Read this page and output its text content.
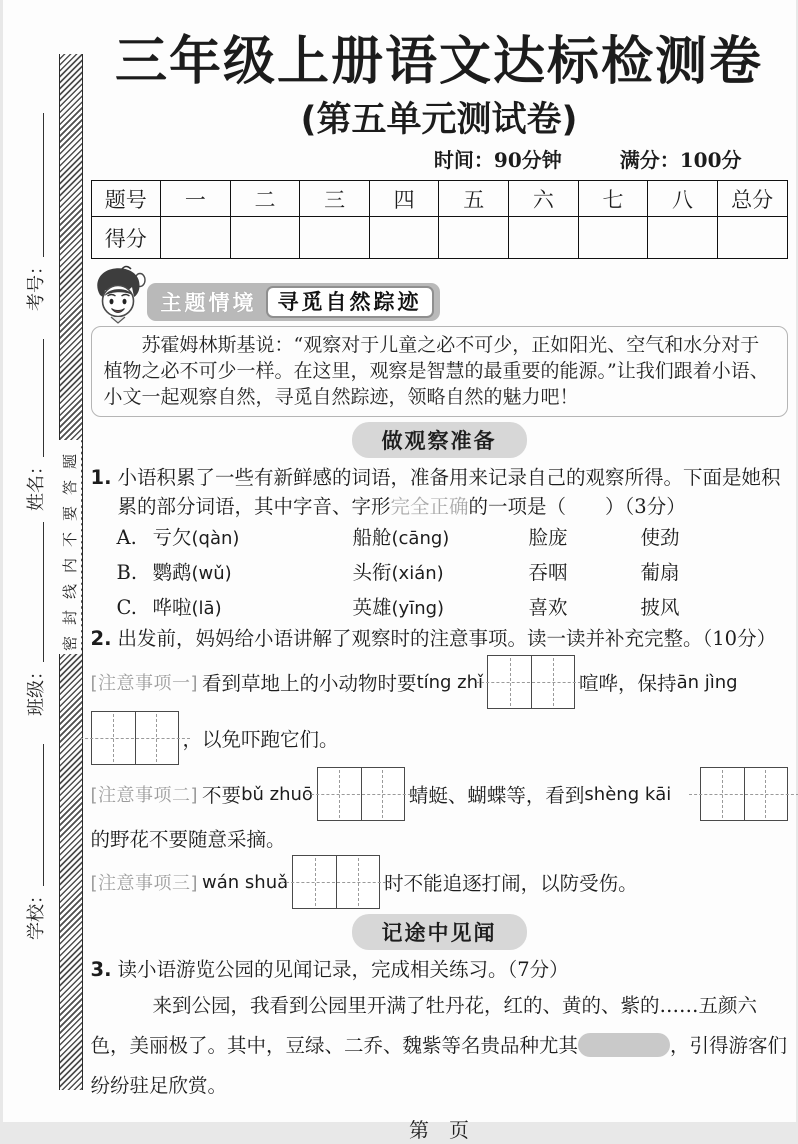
考号：
姓名：
班级：
学校：
密封线内不要答题
三年级上册语文达标检测卷
(第五单元测试卷)
时间：90分钟	满分：100分
题号	一	二	三	四	五	六	七	八	总分
得分									
主题情境	寻觅自然踪迹
苏霍姆林斯基说：“观察对于儿童之必不可少，正如阳光、空气和水分对于植物之必不可少一样。在这里，观察是智慧的最重要的能源。”让我们跟着小语、小文一起观察自然，寻觅自然踪迹，领略自然的魅力吧！
做观察准备
1. 小语积累了一些有新鲜感的词语，准备用来记录自己的观察所得。下面是她积累的部分词语，其中字音、字形完全正确的一项是（　　）（3分）
A. 亏欠(qàn)	船舱(cāng)	脸庞	使劲
B. 鹦鹉(wǔ)	头衔(xián)	吞咽	葡扇
C. 哗啦(lā)	英雄(yīng)	喜欢	披风
2. 出发前，妈妈给小语讲解了观察时的注意事项。读一读并补充完整。（10分）
[注意事项一] 看到草地上的小动物时要 tíng zhǐ	喧哗，保持 ān jìng
，以免吓跑它们。
[注意事项二] 不要 bǔ zhuō	蜻蜓、蝴蝶等，看到 shèng kāi
的野花不要随意采摘。
[注意事项三] wán shuǎ	时不能追逐打闹，以防受伤。
记途中见闻
3. 读小语游览公园的见闻记录，完成相关练习。（7分）
来到公园，我看到公园里开满了牡丹花，红的、黄的、紫的……五颜六色，美丽极了。其中，豆绿、二乔、魏紫等名贵品种尤其	，引得游客们纷纷驻足欣赏。
第　页
